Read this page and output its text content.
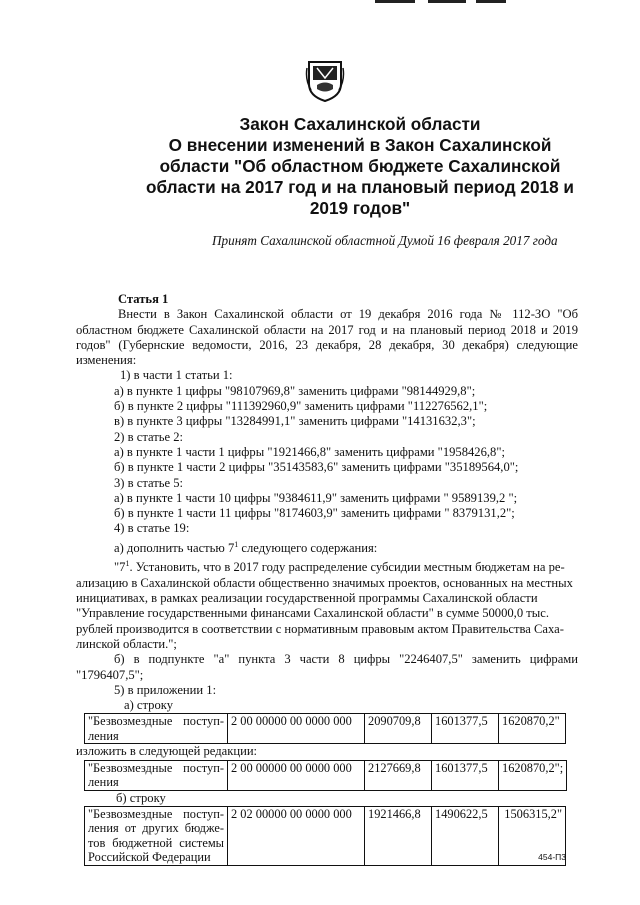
Закон Сахалинской области
О внесении изменений в Закон Сахалинской
области "Об областном бюджете Сахалинской
области на 2017 год и на плановый период 2018 и
2019 годов"
Принят Сахалинской областной Думой 16 февраля 2017 года
Статья 1
Внести в Закон Сахалинской области от 19 декабря 2016 года № 112-ЗО "Об
областном бюджете Сахалинской области на 2017 год и на плановый период 2018 и 2019
годов" (Губернские ведомости, 2016, 23 декабря, 28 декабря, 30 декабря) следующие
изменения:
1) в части 1 статьи 1:
а) в пункте 1 цифры "98107969,8" заменить цифрами "98144929,8";
б) в пункте 2 цифры "111392960,9" заменить цифрами "112276562,1";
в) в пункте 3 цифры "13284991,1" заменить цифрами "14131632,3";
2) в статье 2:
а) в пункте 1 части 1 цифры "1921466,8" заменить цифрами "1958426,8";
б) в пункте 1 части 2 цифры "35143583,6" заменить цифрами "35189564,0";
3) в статье 5:
а) в пункте 1 части 10 цифры "9384611,9" заменить цифрами " 9589139,2 ";
б) в пункте 1 части 11 цифры "8174603,9" заменить цифрами " 8379131,2";
4) в статье 19:
а) дополнить частью $7^1$ следующего содержания:
"$7^1$. Установить, что в 2017 году распределение субсидии местным бюджетам на ре-
ализацию в Сахалинской области общественно значимых проектов, основанных на местных
инициативах, в рамках реализации государственной программы Сахалинской области
"Управление государственными финансами Сахалинской области" в сумме 50000,0 тыс.
рублей производится в соответствии с нормативным правовым актом Правительства Саха-
линской области.";
б) в подпункте "а" пункта 3 части 8 цифры "2246407,5" заменить цифрами
"1796407,5";
5) в приложении 1:
а) строку
"Безвозмездные поступ-
ления	2 00 00000 00 0000 000	2090709,8	1601377,5	1620870,2"
изложить в следующей редакции:
"Безвозмездные поступ-
ления	2 00 00000 00 0000 000	2127669,8	1601377,5	1620870,2";
б) строку
"Безвозмездные поступ-
ления от других бюдже-
тов бюджетной системы
Российской Федерации	2 02 00000 00 0000 000	1921466,8	1490622,5	1506315,2"
454-П3
